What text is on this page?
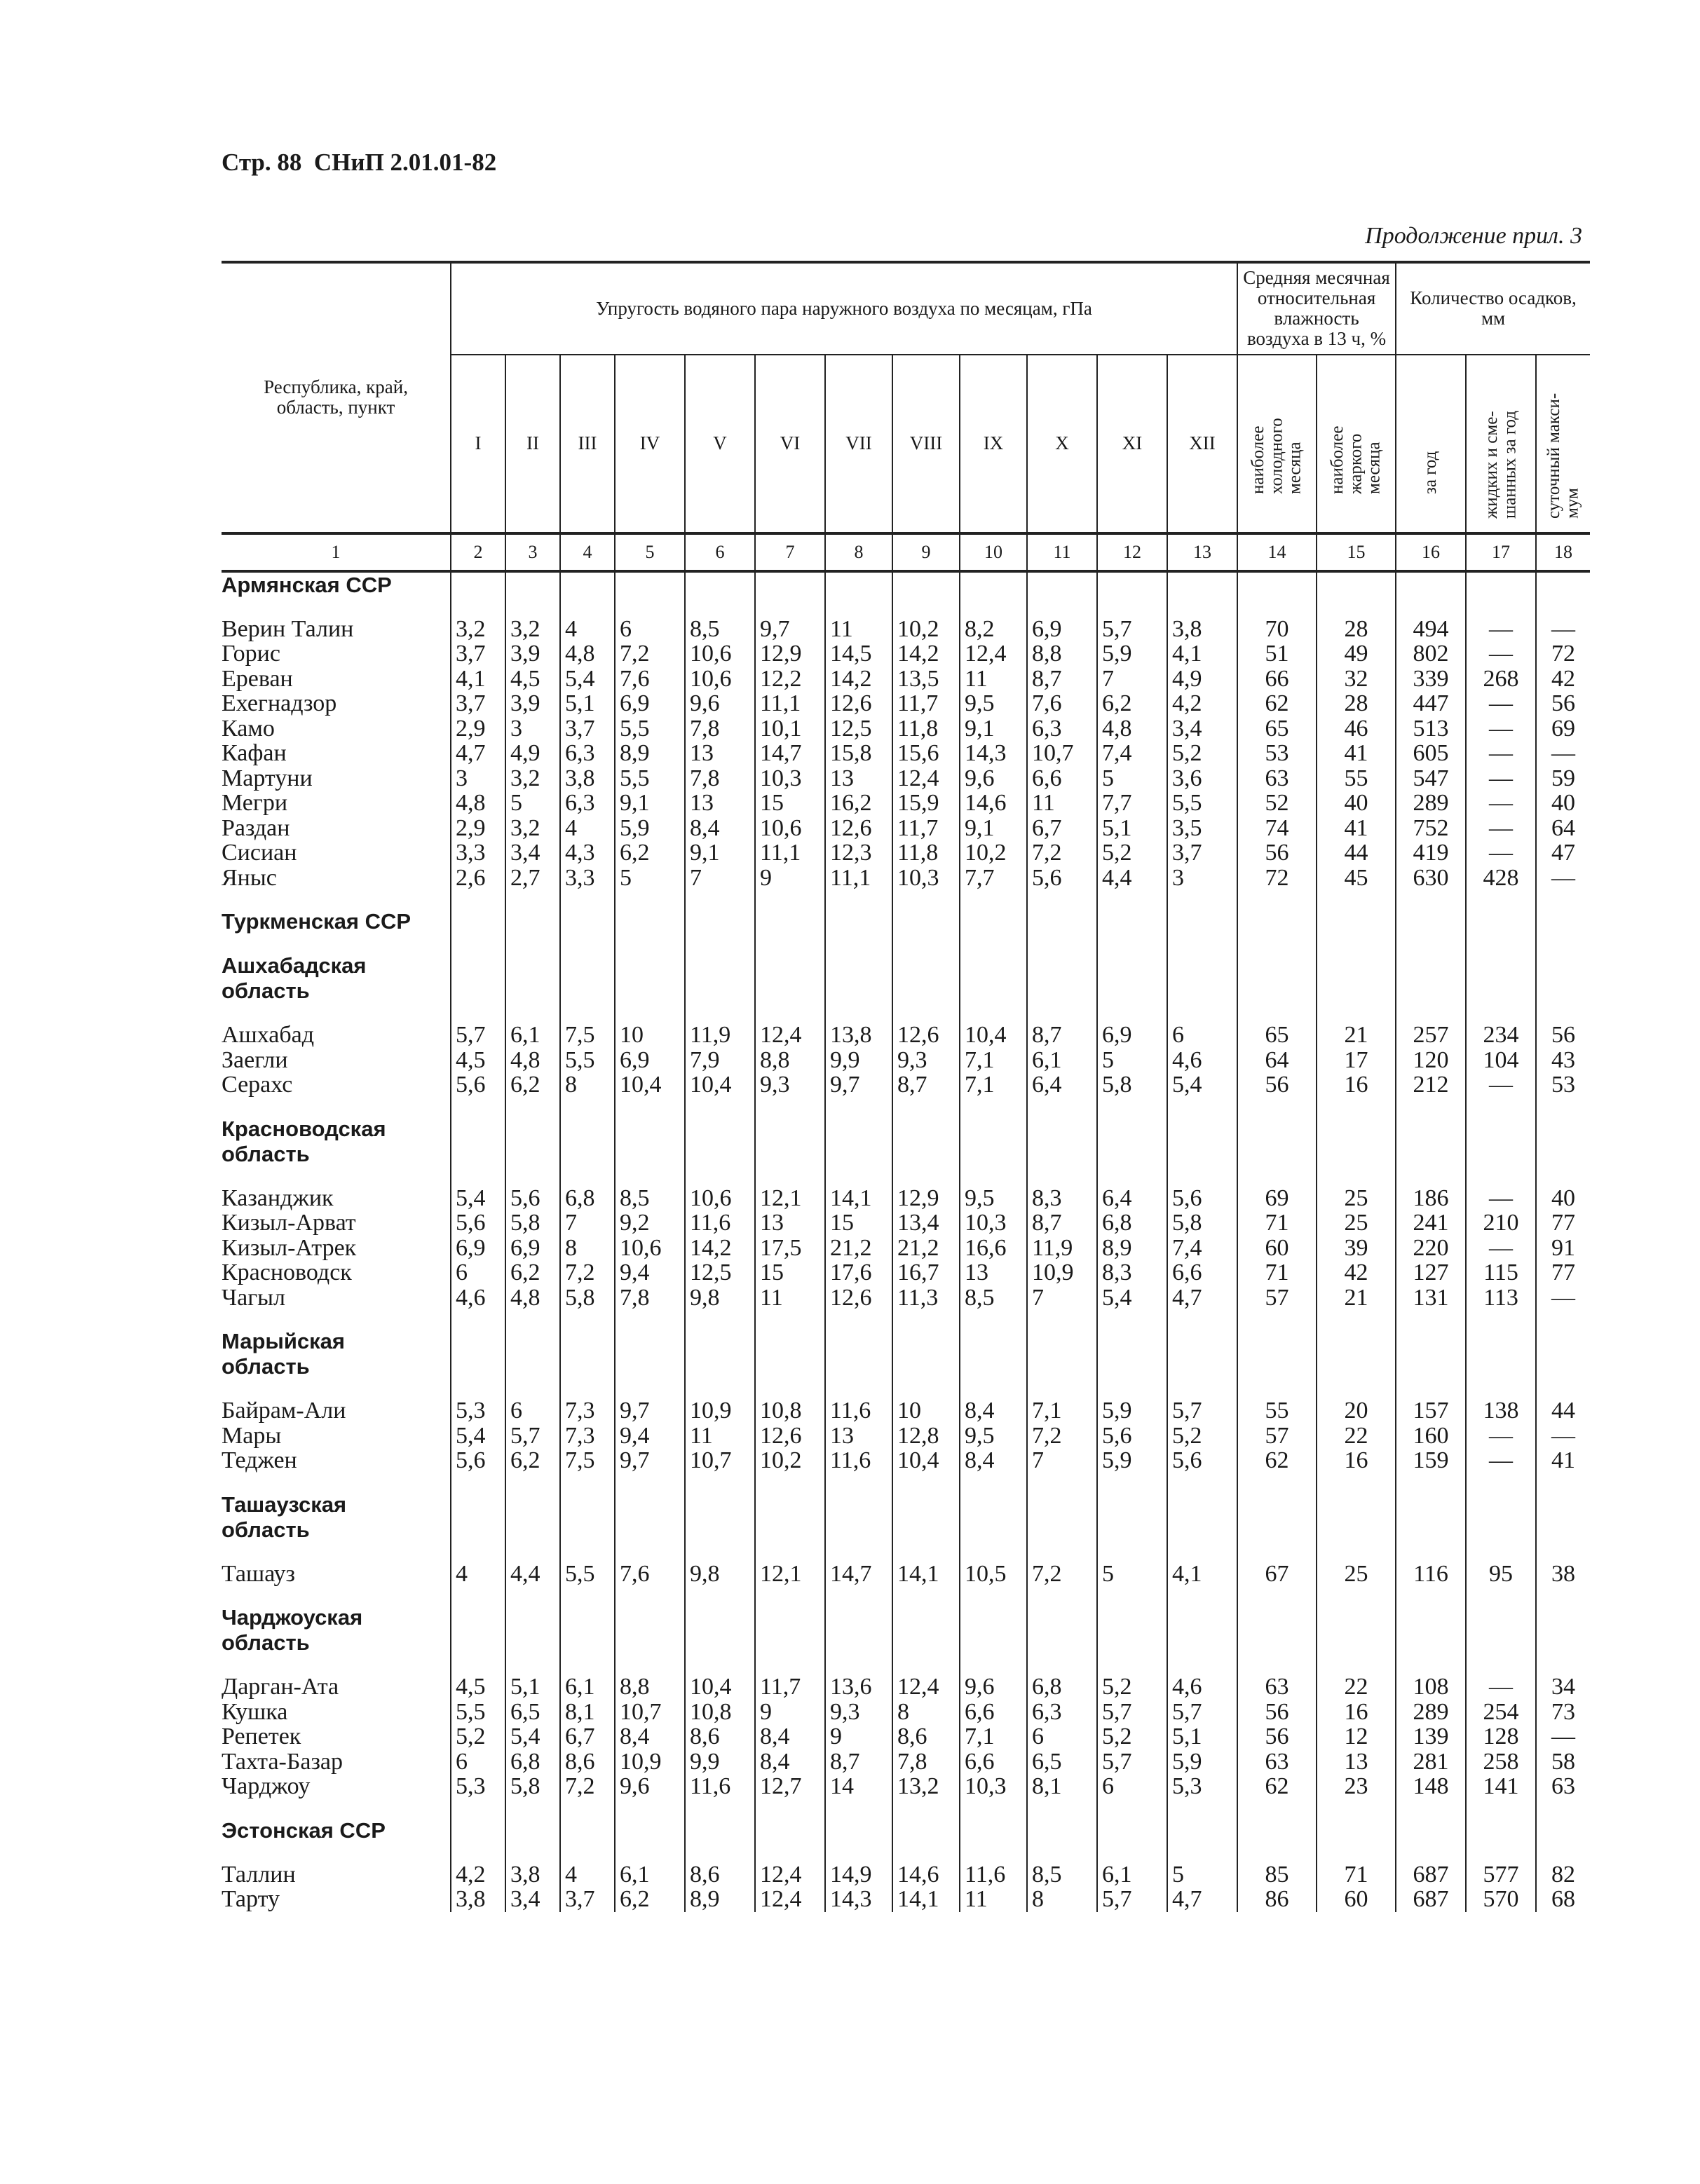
Стр. 88 СНиП 2.01.01-82
Продолжение прил. 3
Республика, край, область, пункт	Упругость водяного пара наружного воздуха по месяцам, гПа												Средняя месячная относительная влажность воздуха в 13 ч, %		Количество осадков, мм		
	I	II	III	IV	V	VI	VII	VIII	IX	X	XI	XII	наиболее холодного месяца	наиболее жаркого месяца	за год	жидких и сме-шанных за год	суточный макси-мум
1	2	3	4	5	6	7	8	9	10	11	12	13	14	15	16	17	18
Армянская ССР																	

Верин Талин	3,2	3,2	4	6	8,5	9,7	11	10,2	8,2	6,9	5,7	3,8	70	28	494	—	—
Горис	3,7	3,9	4,8	7,2	10,6	12,9	14,5	14,2	12,4	8,8	5,9	4,1	51	49	802	—	72
Ереван	4,1	4,5	5,4	7,6	10,6	12,2	14,2	13,5	11	8,7	7	4,9	66	32	339	268	42
Ехегнадзор	3,7	3,9	5,1	6,9	9,6	11,1	12,6	11,7	9,5	7,6	6,2	4,2	62	28	447	—	56
Камо	2,9	3	3,7	5,5	7,8	10,1	12,5	11,8	9,1	6,3	4,8	3,4	65	46	513	—	69
Кафан	4,7	4,9	6,3	8,9	13	14,7	15,8	15,6	14,3	10,7	7,4	5,2	53	41	605	—	—
Мартуни	3	3,2	3,8	5,5	7,8	10,3	13	12,4	9,6	6,6	5	3,6	63	55	547	—	59
Мегри	4,8	5	6,3	9,1	13	15	16,2	15,9	14,6	11	7,7	5,5	52	40	289	—	40
Раздан	2,9	3,2	4	5,9	8,4	10,6	12,6	11,7	9,1	6,7	5,1	3,5	74	41	752	—	64
Сисиан	3,3	3,4	4,3	6,2	9,1	11,1	12,3	11,8	10,2	7,2	5,2	3,7	56	44	419	—	47
Яныс	2,6	2,7	3,3	5	7	9	11,1	10,3	7,7	5,6	4,4	3	72	45	630	428	—

Туркменская ССР																	

Ашхабадская																	
область																	

Ашхабад	5,7	6,1	7,5	10	11,9	12,4	13,8	12,6	10,4	8,7	6,9	6	65	21	257	234	56
Заегли	4,5	4,8	5,5	6,9	7,9	8,8	9,9	9,3	7,1	6,1	5	4,6	64	17	120	104	43
Серахс	5,6	6,2	8	10,4	10,4	9,3	9,7	8,7	7,1	6,4	5,8	5,4	56	16	212	—	53

Красноводская																	
область																	

Казанджик	5,4	5,6	6,8	8,5	10,6	12,1	14,1	12,9	9,5	8,3	6,4	5,6	69	25	186	—	40
Кизыл-Арват	5,6	5,8	7	9,2	11,6	13	15	13,4	10,3	8,7	6,8	5,8	71	25	241	210	77
Кизыл-Атрек	6,9	6,9	8	10,6	14,2	17,5	21,2	21,2	16,6	11,9	8,9	7,4	60	39	220	—	91
Красноводск	6	6,2	7,2	9,4	12,5	15	17,6	16,7	13	10,9	8,3	6,6	71	42	127	115	77
Чагыл	4,6	4,8	5,8	7,8	9,8	11	12,6	11,3	8,5	7	5,4	4,7	57	21	131	113	—

Марыйская																	
область																	

Байрам-Али	5,3	6	7,3	9,7	10,9	10,8	11,6	10	8,4	7,1	5,9	5,7	55	20	157	138	44
Мары	5,4	5,7	7,3	9,4	11	12,6	13	12,8	9,5	7,2	5,6	5,2	57	22	160	—	—
Теджен	5,6	6,2	7,5	9,7	10,7	10,2	11,6	10,4	8,4	7	5,9	5,6	62	16	159	—	41

Ташаузская																	
область																	

Ташауз	4	4,4	5,5	7,6	9,8	12,1	14,7	14,1	10,5	7,2	5	4,1	67	25	116	95	38

Чарджоуская																	
область																	

Дарган-Ата	4,5	5,1	6,1	8,8	10,4	11,7	13,6	12,4	9,6	6,8	5,2	4,6	63	22	108	—	34
Кушка	5,5	6,5	8,1	10,7	10,8	9	9,3	8	6,6	6,3	5,7	5,7	56	16	289	254	73
Репетек	5,2	5,4	6,7	8,4	8,6	8,4	9	8,6	7,1	6	5,2	5,1	56	12	139	128	—
Тахта-Базар	6	6,8	8,6	10,9	9,9	8,4	8,7	7,8	6,6	6,5	5,7	5,9	63	13	281	258	58
Чарджоу	5,3	5,8	7,2	9,6	11,6	12,7	14	13,2	10,3	8,1	6	5,3	62	23	148	141	63

Эстонская ССР																	

Таллин	4,2	3,8	4	6,1	8,6	12,4	14,9	14,6	11,6	8,5	6,1	5	85	71	687	577	82
Тарту	3,8	3,4	3,7	6,2	8,9	12,4	14,3	14,1	11	8	5,7	4,7	86	60	687	570	68
